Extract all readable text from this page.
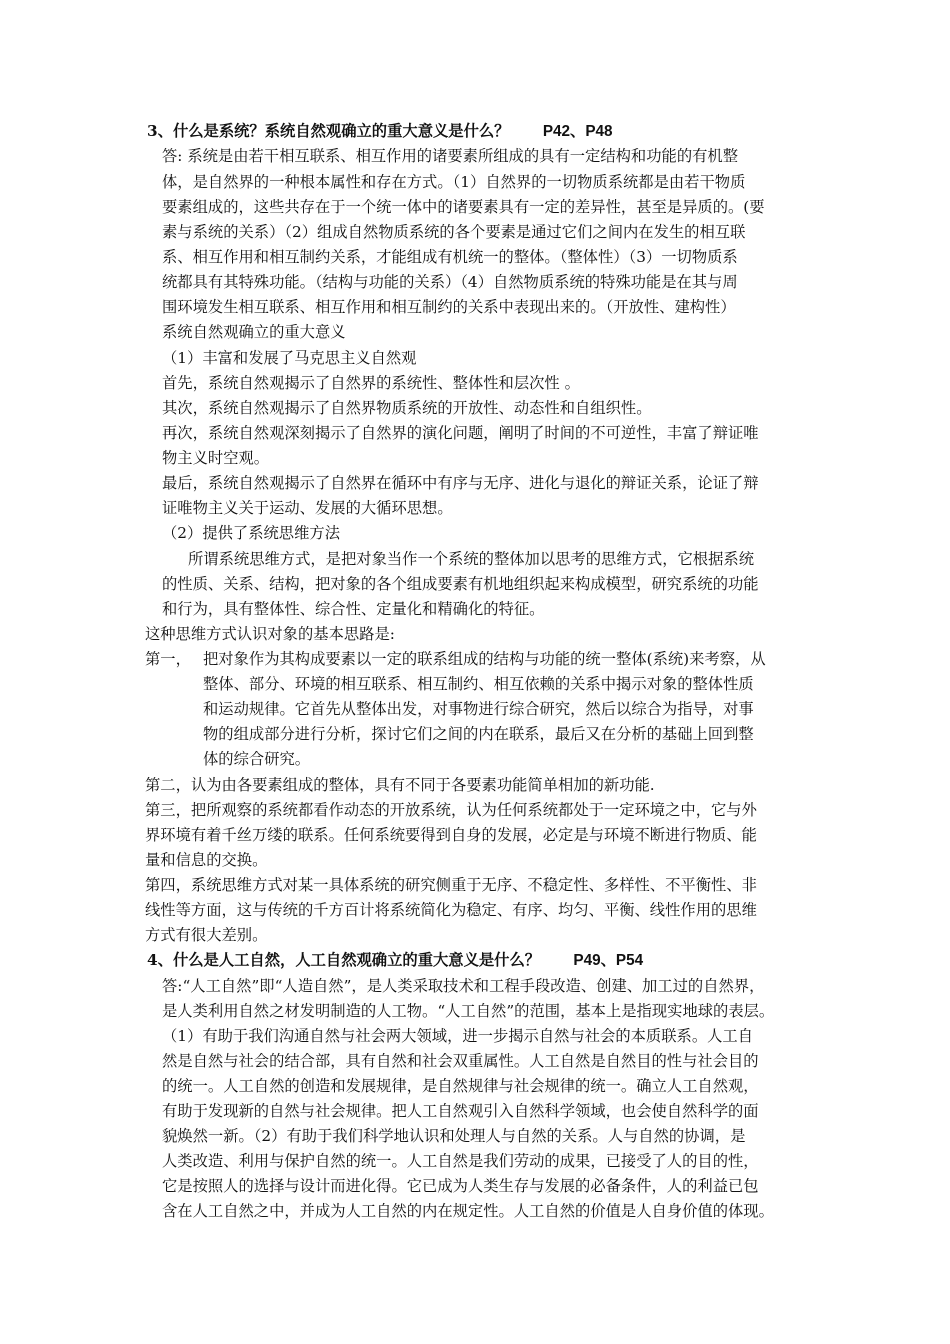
3、什么是系统？系统自然观确立的重大意义是什么？ P42、P48
答: 系统是由若干相互联系、相互作用的诸要素所组成的具有一定结构和功能的有机整
体，是自然界的一种根本属性和存在方式。（1）自然界的一切物质系统都是由若干物质
要素组成的，这些共存在于一个统一体中的诸要素具有一定的差异性，甚至是异质的。(要
素与系统的关系）（2）组成自然物质系统的各个要素是通过它们之间内在发生的相互联
系、相互作用和相互制约关系，才能组成有机统一的整体。（整体性）（3）一切物质系
统都具有其特殊功能。（结构与功能的关系）（4）自然物质系统的特殊功能是在其与周
围环境发生相互联系、相互作用和相互制约的关系中表现出来的。（开放性、建构性）
系统自然观确立的重大意义
（1）丰富和发展了马克思主义自然观
首先，系统自然观揭示了自然界的系统性、整体性和层次性 。
其次，系统自然观揭示了自然界物质系统的开放性、动态性和自组织性。
再次，系统自然观深刻揭示了自然界的演化问题，阐明了时间的不可逆性，丰富了辩证唯
物主义时空观。
最后，系统自然观揭示了自然界在循环中有序与无序、进化与退化的辩证关系，论证了辩
证唯物主义关于运动、发展的大循环思想。
（2）提供了系统思维方法
所谓系统思维方式，是把对象当作一个系统的整体加以思考的思维方式，它根据系统
的性质、关系、结构，把对象的各个组成要素有机地组织起来构成模型，研究系统的功能
和行为，具有整体性、综合性、定量化和精确化的特征。
这种思维方式认识对象的基本思路是:
第一， 把对象作为其构成要素以一定的联系组成的结构与功能的统一整体(系统)来考察，从
整体、部分、环境的相互联系、相互制约、相互依赖的关系中揭示对象的整体性质
和运动规律。它首先从整体出发，对事物进行综合研究，然后以综合为指导，对事
物的组成部分进行分析，探讨它们之间的内在联系，最后又在分析的基础上回到整
体的综合研究。
第二，认为由各要素组成的整体，具有不同于各要素功能简单相加的新功能.
第三，把所观察的系统都看作动态的开放系统，认为任何系统都处于一定环境之中，它与外
界环境有着千丝万缕的联系。任何系统要得到自身的发展，必定是与环境不断进行物质、能
量和信息的交换。
第四，系统思维方式对某一具体系统的研究侧重于无序、不稳定性、多样性、不平衡性、非
线性等方面，这与传统的千方百计将系统简化为稳定、有序、均匀、平衡、线性作用的思维
方式有很大差别。
4、什么是人工自然，人工自然观确立的重大意义是什么？ P49、P54
答:“人工自然”即“人造自然”，是人类采取技术和工程手段改造、创建、加工过的自然界，
是人类利用自然之材发明制造的人工物。“人工自然”的范围，基本上是指现实地球的表层。
（1）有助于我们沟通自然与社会两大领域，进一步揭示自然与社会的本质联系。人工自
然是自然与社会的结合部，具有自然和社会双重属性。人工自然是自然目的性与社会目的
的统一。人工自然的创造和发展规律，是自然规律与社会规律的统一。确立人工自然观，
有助于发现新的自然与社会规律。把人工自然观引入自然科学领域，也会使自然科学的面
貌焕然一新。（2）有助于我们科学地认识和处理人与自然的关系。人与自然的协调，是
人类改造、利用与保护自然的统一。人工自然是我们劳动的成果，已接受了人的目的性，
它是按照人的选择与设计而进化得。它已成为人类生存与发展的必备条件，人的利益已包
含在人工自然之中，并成为人工自然的内在规定性。人工自然的价值是人自身价值的体现。
